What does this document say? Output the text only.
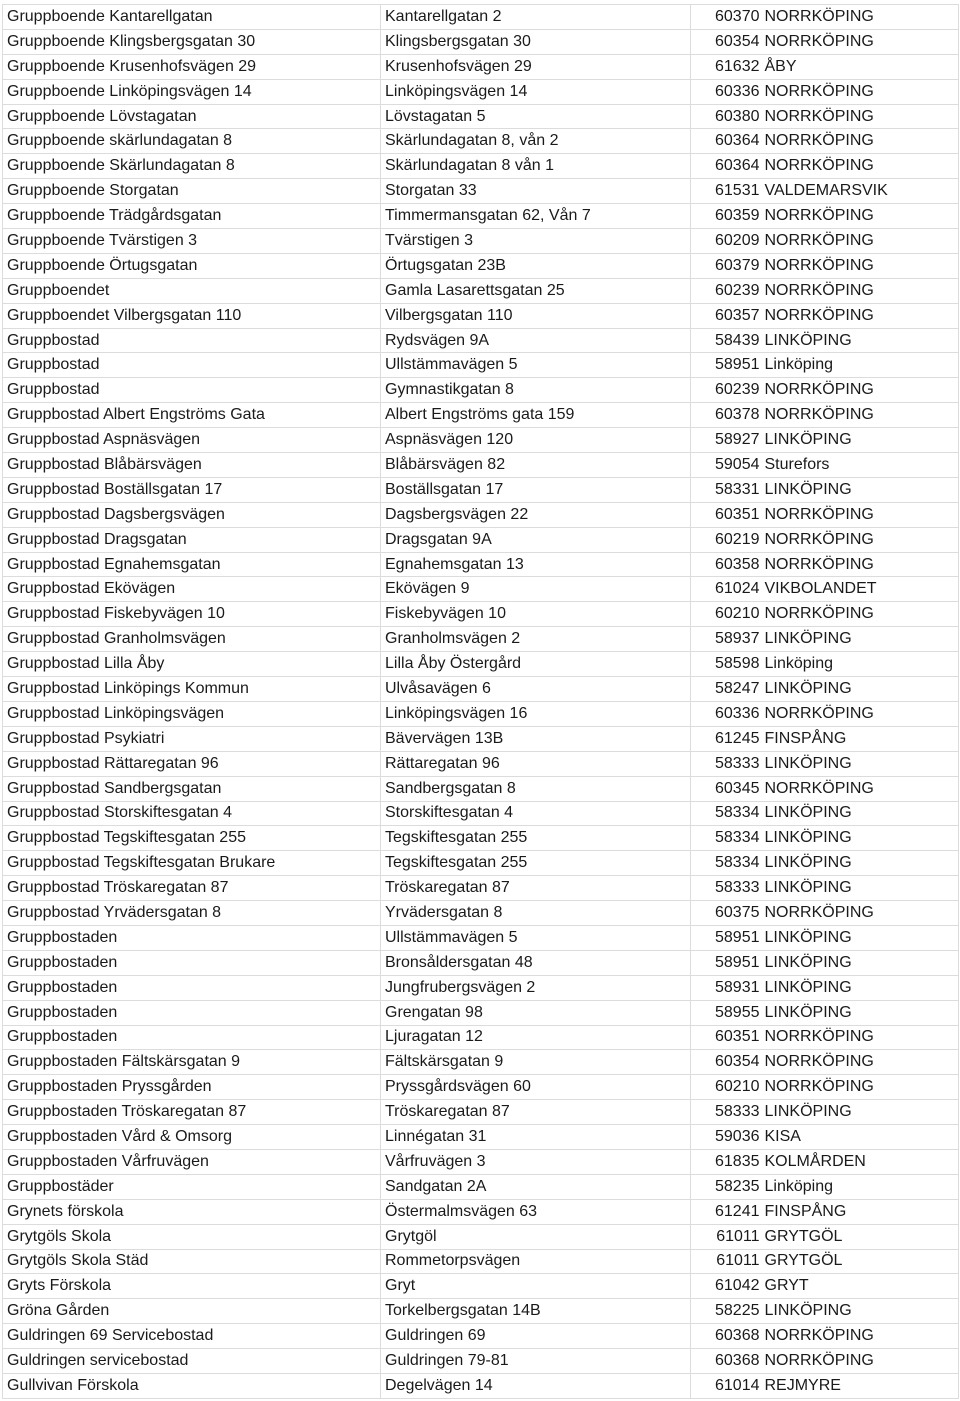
Gruppboende Kantarellgatan	Kantarellgatan 2	60370	NORRKÖPING
Gruppboende Klingsbergsgatan 30	Klingsbergsgatan 30	60354	NORRKÖPING
Gruppboende Krusenhofsvägen 29	Krusenhofsvägen 29	61632	ÅBY
Gruppboende Linköpingsvägen 14	Linköpingsvägen 14	60336	NORRKÖPING
Gruppboende Lövstagatan	Lövstagatan 5	60380	NORRKÖPING
Gruppboende skärlundagatan 8	Skärlundagatan 8, vån 2	60364	NORRKÖPING
Gruppboende Skärlundagatan 8	Skärlundagatan 8 vån 1	60364	NORRKÖPING
Gruppboende Storgatan	Storgatan 33	61531	VALDEMARSVIK
Gruppboende Trädgårdsgatan	Timmermansgatan 62, Vån 7	60359	NORRKÖPING
Gruppboende Tvärstigen 3	Tvärstigen 3	60209	NORRKÖPING
Gruppboende Örtugsgatan	Örtugsgatan 23B	60379	NORRKÖPING
Gruppboendet	Gamla Lasarettsgatan 25	60239	NORRKÖPING
Gruppboendet Vilbergsgatan 110	Vilbergsgatan 110	60357	NORRKÖPING
Gruppbostad	Rydsvägen 9A	58439	LINKÖPING
Gruppbostad	Ullstämmavägen 5	58951	Linköping
Gruppbostad	Gymnastikgatan 8	60239	NORRKÖPING
Gruppbostad Albert Engströms Gata	Albert Engströms gata 159	60378	NORRKÖPING
Gruppbostad Aspnäsvägen	Aspnäsvägen 120	58927	LINKÖPING
Gruppbostad Blåbärsvägen	Blåbärsvägen 82	59054	Sturefors
Gruppbostad Boställsgatan 17	Boställsgatan 17	58331	LINKÖPING
Gruppbostad Dagsbergsvägen	Dagsbergsvägen 22	60351	NORRKÖPING
Gruppbostad Dragsgatan	Dragsgatan 9A	60219	NORRKÖPING
Gruppbostad Egnahemsgatan	Egnahemsgatan 13	60358	NORRKÖPING
Gruppbostad Ekövägen	Ekövägen 9	61024	VIKBOLANDET
Gruppbostad Fiskebyvägen 10	Fiskebyvägen 10	60210	NORRKÖPING
Gruppbostad Granholmsvägen	Granholmsvägen 2	58937	LINKÖPING
Gruppbostad Lilla Åby	Lilla Åby Östergård	58598	Linköping
Gruppbostad Linköpings Kommun	Ulvåsavägen 6	58247	LINKÖPING
Gruppbostad Linköpingsvägen	Linköpingsvägen 16	60336	NORRKÖPING
Gruppbostad Psykiatri	Bävervägen 13B	61245	FINSPÅNG
Gruppbostad Rättaregatan 96	Rättaregatan 96	58333	LINKÖPING
Gruppbostad Sandbergsgatan	Sandbergsgatan 8	60345	NORRKÖPING
Gruppbostad Storskiftesgatan 4	Storskiftesgatan 4	58334	LINKÖPING
Gruppbostad Tegskiftesgatan 255	Tegskiftesgatan 255	58334	LINKÖPING
Gruppbostad Tegskiftesgatan Brukare	Tegskiftesgatan 255	58334	LINKÖPING
Gruppbostad Tröskaregatan 87	Tröskaregatan 87	58333	LINKÖPING
Gruppbostad Yrvädersgatan 8	Yrvädersgatan 8	60375	NORRKÖPING
Gruppbostaden	Ullstämmavägen 5	58951	LINKÖPING
Gruppbostaden	Bronsåldersgatan 48	58951	LINKÖPING
Gruppbostaden	Jungfrubergsvägen 2	58931	LINKÖPING
Gruppbostaden	Grengatan 98	58955	LINKÖPING
Gruppbostaden	Ljuragatan 12	60351	NORRKÖPING
Gruppbostaden Fältskärsgatan 9	Fältskärsgatan 9	60354	NORRKÖPING
Gruppbostaden Pryssgården	Pryssgårdsvägen 60	60210	NORRKÖPING
Gruppbostaden Tröskaregatan 87	Tröskaregatan 87	58333	LINKÖPING
Gruppbostaden Vård & Omsorg	Linnégatan 31	59036	KISA
Gruppbostaden Vårfruvägen	Vårfruvägen 3	61835	KOLMÅRDEN
Gruppbostäder	Sandgatan 2A	58235	Linköping
Grynets förskola	Östermalmsvägen 63	61241	FINSPÅNG
Grytgöls Skola	Grytgöl	61011	GRYTGÖL
Grytgöls Skola Städ	Rommetorpsvägen	61011	GRYTGÖL
Gryts Förskola	Gryt	61042	GRYT
Gröna Gården	Torkelbergsgatan 14B	58225	LINKÖPING
Guldringen 69 Servicebostad	Guldringen 69	60368	NORRKÖPING
Guldringen servicebostad	Guldringen 79-81	60368	NORRKÖPING
Gullvivan Förskola	Degelvägen 14	61014	REJMYRE
